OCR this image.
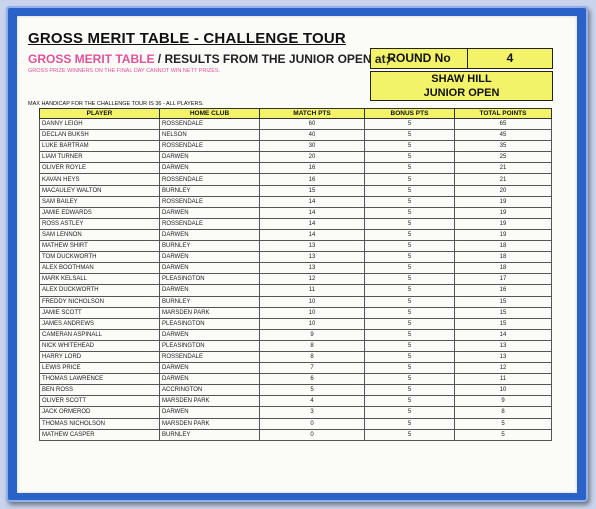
GROSS MERIT TABLE - CHALLENGE TOUR
ROUND No	4
GROSS MERIT TABLE / RESULTS FROM THE JUNIOR OPEN at;-
SHAW HILL
JUNIOR OPEN
GROSS PRIZE WINNERS ON THE FINAL DAY CANNOT WIN NETT PRIZES.
MAX HANDICAP FOR THE CHALLENGE TOUR IS 36 - ALL PLAYERS.
PLAYER	HOME CLUB	MATCH PTS	BONUS PTS	TOTAL POINTS
DANNY LEIGH	ROSSENDALE	60	5	65
DECLAN BUKSH	NELSON	40	5	45
LUKE BARTRAM	ROSSENDALE	30	5	35
LIAM TURNER	DARWEN	20	5	25
OLIVER ROYLE	DARWEN	16	5	21
KAVAN HEYS	ROSSENDALE	16	5	21
MACAULEY WALTON	BURNLEY	15	5	20
SAM BAILEY	ROSSENDALE	14	5	19
JAMIE EDWARDS	DARWEN	14	5	19
ROSS ASTLEY	ROSSENDALE	14	5	19
SAM LENNON	DARWEN	14	5	19
MATHEW SHIRT	BURNLEY	13	5	18
TOM DUCKWORTH	DARWEN	13	5	18
ALEX BOOTHMAN	DARWEN	13	5	18
MARK KELSALL	PLEASINGTON	12	5	17
ALEX DUCKWORTH	DARWEN	11	5	16
FREDDY NICHOLSON	BURNLEY	10	5	15
JAMIE SCOTT	MARSDEN PARK	10	5	15
JAMES ANDREWS	PLEASINGTON	10	5	15
CAMERAN ASPINALL	DARWEN	9	5	14
NICK WHITEHEAD	PLEASINGTON	8	5	13
HARRY LORD	ROSSENDALE	8	5	13
LEWIS PRICE	DARWEN	7	5	12
THOMAS LAWRENCE	DARWEN	6	5	11
BEN ROSS	ACCRINGTON	5	5	10
OLIVER SCOTT	MARSDEN PARK	4	5	9
JACK ORMEROD	DARWEN	3	5	8
THOMAS NICHOLSON	MARSDEN PARK	0	5	5
MATHEW CASPER	BURNLEY	0	5	5
